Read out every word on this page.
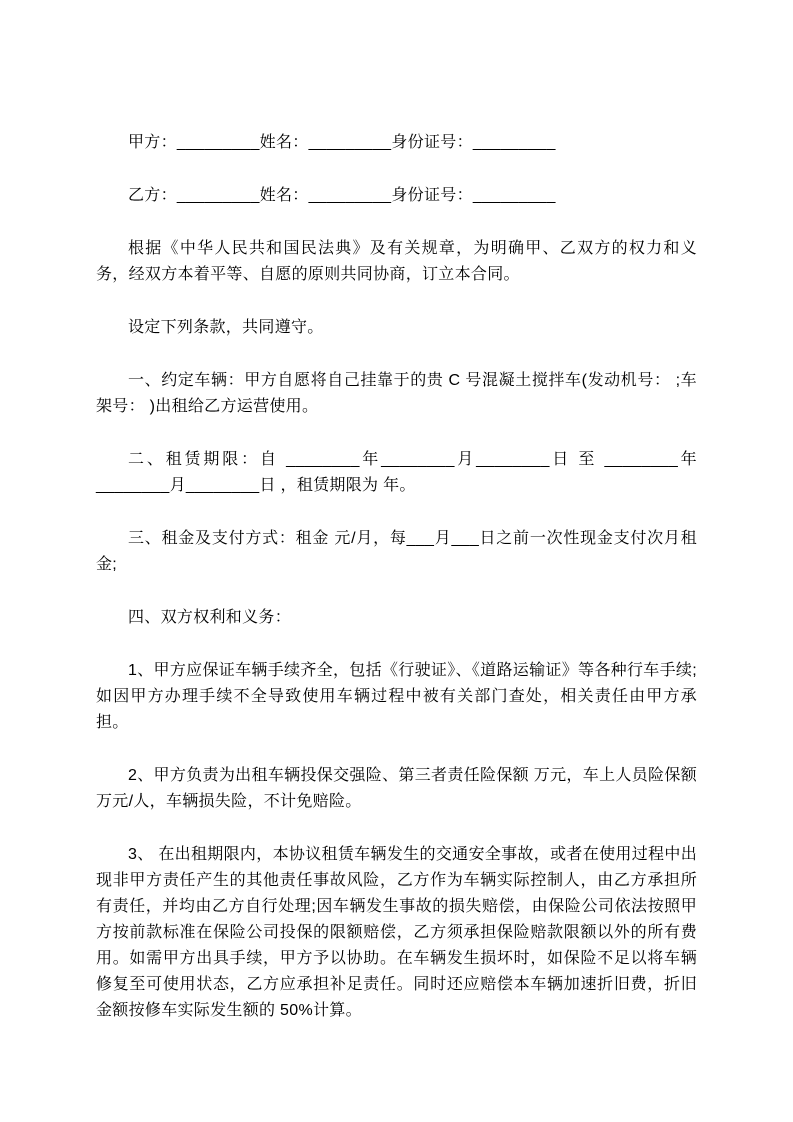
甲方：_________姓名：_________身份证号：_________

乙方：_________姓名：_________身份证号：_________

根据《中华人民共和国民法典》及有关规章，为明确甲、乙双方的权力和义务，经双方本着平等、自愿的原则共同协商，订立本合同。

设定下列条款，共同遵守。

一、约定车辆：甲方自愿将自己挂靠于的贵 C 号混凝土搅拌车(发动机号： ;车架号： )出租给乙方运营使用。

二、租赁期限：自 ________年________月________日 至 ________年________月________日 ，租赁期限为 年。

三、租金及支付方式：租金 元/月，每___月___日之前一次性现金支付次月租金;

四、双方权利和义务：

1、甲方应保证车辆手续齐全，包括《行驶证》、《道路运输证》等各种行车手续;如因甲方办理手续不全导致使用车辆过程中被有关部门查处，相关责任由甲方承担。

2、甲方负责为出租车辆投保交强险、第三者责任险保额 万元，车上人员险保额万元/人，车辆损失险，不计免赔险。

3、 在出租期限内，本协议租赁车辆发生的交通安全事故，或者在使用过程中出现非甲方责任产生的其他责任事故风险，乙方作为车辆实际控制人，由乙方承担所有责任，并均由乙方自行处理;因车辆发生事故的损失赔偿，由保险公司依法按照甲方按前款标准在保险公司投保的限额赔偿，乙方须承担保险赔款限额以外的所有费用。如需甲方出具手续，甲方予以协助。在车辆发生损坏时，如保险不足以将车辆修复至可使用状态，乙方应承担补足责任。同时还应赔偿本车辆加速折旧费，折旧金额按修车实际发生额的 50%计算。
